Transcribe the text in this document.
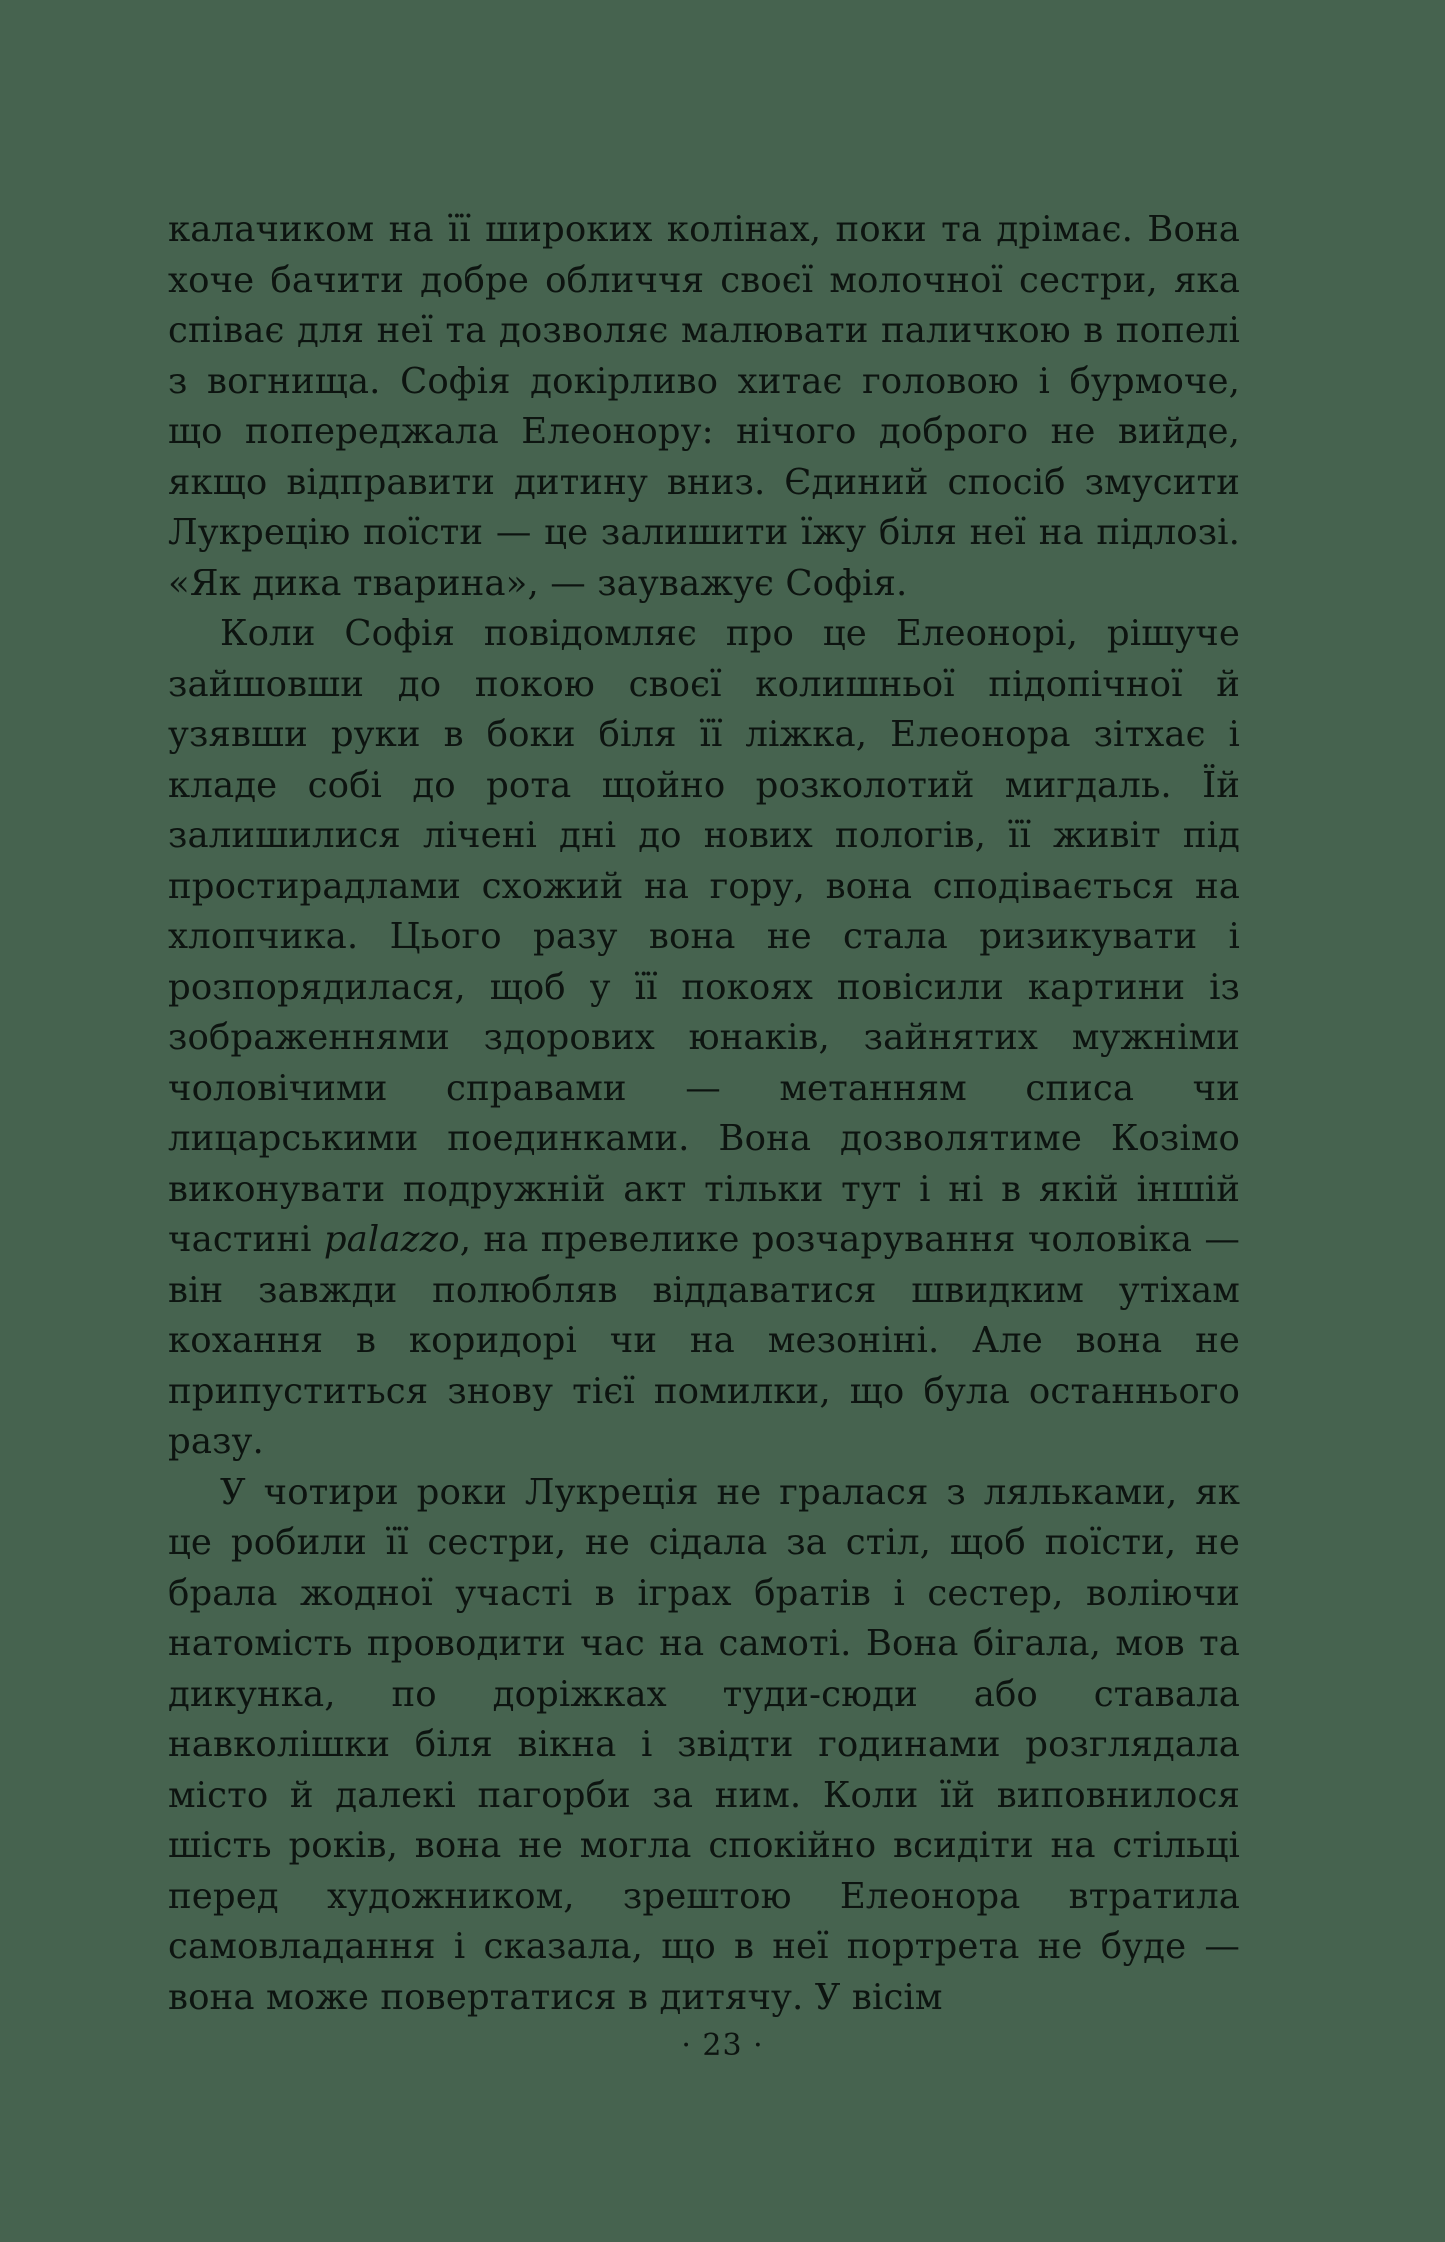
калачиком на її широких колінах, поки та дрімає. Вона хоче бачити добре обличчя своєї молочної сестри, яка співає для неї та дозволяє малювати паличкою в попелі з вогнища. Софія докірливо хитає головою і бурмоче, що попереджала Елеонору: нічого доброго не вийде, якщо відправити дитину вниз. Єдиний спосіб змусити Лукрецію поїсти — це залишити їжу біля неї на підлозі. «Як дика тварина», — зауважує Софія.

Коли Софія повідомляє про це Елеонорі, рішуче зайшовши до покою своєї колишньої підопічної й узявши руки в боки біля її ліжка, Елеонора зітхає і кладе собі до рота щойно розколотий мигдаль. Їй залишилися лічені дні до нових пологів, її живіт під простирадлами схожий на гору, вона сподівається на хлопчика. Цього разу вона не стала ризикувати і розпорядилася, щоб у її покоях повісили картини із зображеннями здорових юнаків, зайнятих мужніми чоловічими справами — метанням списа чи лицарськими поединками. Вона дозволятиме Козімо виконувати подружній акт тільки тут і ні в якій іншій частині palazzo, на превелике розчарування чоловіка — він завжди полюбляв віддаватися швидким утіхам кохання в коридорі чи на мезоніні. Але вона не припуститься знову тієї помилки, що була останнього разу.

У чотири роки Лукреція не гралася з ляльками, як це робили її сестри, не сідала за стіл, щоб поїсти, не брала жодної участі в іграх братів і сестер, воліючи натомість проводити час на самоті. Вона бігала, мов та дикунка, по доріжках туди-сюди або ставала навколішки біля вікна і звідти годинами розглядала місто й далекі пагорби за ним. Коли їй виповнилося шість років, вона не могла спокійно всидіти на стільці перед художником, зрештою Елеонора втратила самовладання і сказала, що в неї портрета не буде — вона може повертатися в дитячу. У вісім

· 23 ·
